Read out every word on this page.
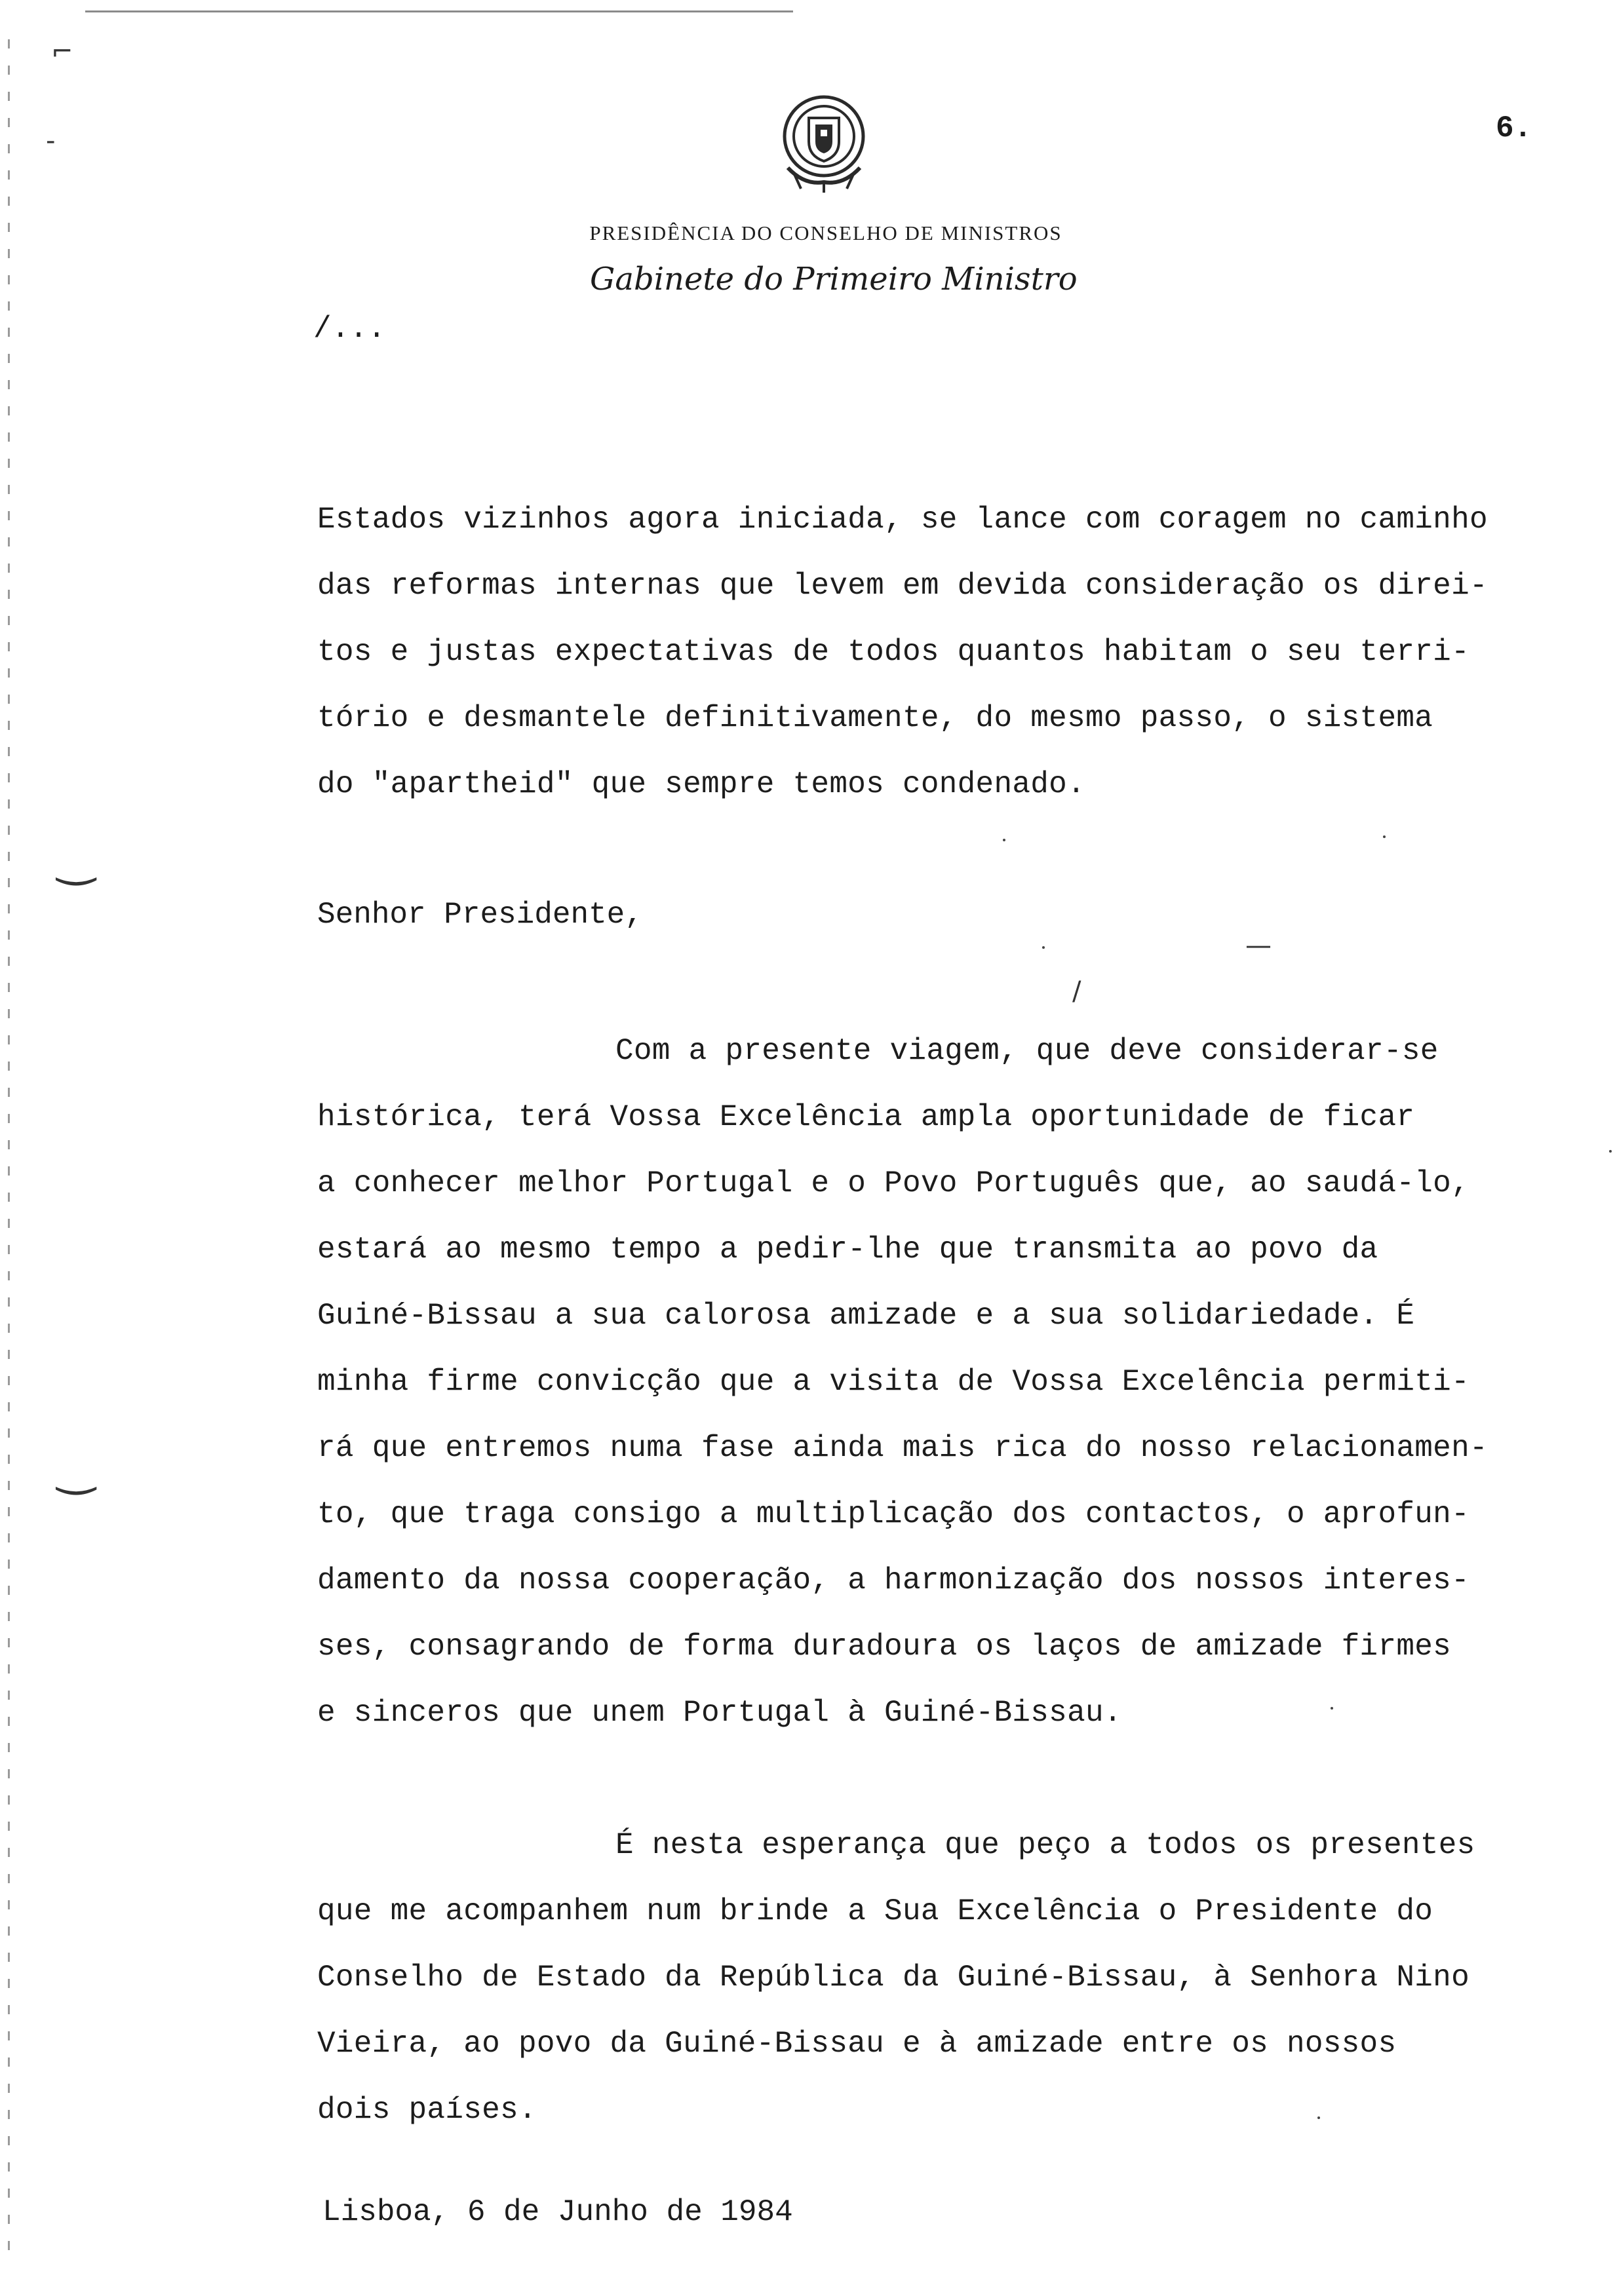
⌐
-
‿
‿
—
/
6.
PRESIDÊNCIA DO CONSELHO DE MINISTROS
Gabinete do Primeiro Ministro
/...
Estados vizinhos agora iniciada, se lance com coragem no caminho
das reformas internas que levem em devida consideração os direi-
tos e justas expectativas de todos quantos habitam o seu terri-
tório e desmantele definitivamente, do mesmo passo, o sistema
do "apartheid" que sempre temos condenado.
Senhor Presidente,
Com a presente viagem, que deve considerar-se
histórica, terá Vossa Excelência ampla oportunidade de ficar
a conhecer melhor Portugal e o Povo Português que, ao saudá-lo,
estará ao mesmo tempo a pedir-lhe que transmita ao povo da
Guiné-Bissau a sua calorosa amizade e a sua solidariedade. É
minha firme convicção que a visita de Vossa Excelência permiti-
rá que entremos numa fase ainda mais rica do nosso relacionamen-
to, que traga consigo a multiplicação dos contactos, o aprofun-
damento da nossa cooperação, a harmonização dos nossos interes-
ses, consagrando de forma duradoura os laços de amizade firmes
e sinceros que unem Portugal à Guiné-Bissau.
É nesta esperança que peço a todos os presentes
que me acompanhem num brinde a Sua Excelência o Presidente do
Conselho de Estado da República da Guiné-Bissau, à Senhora Nino
Vieira, ao povo da Guiné-Bissau e à amizade entre os nossos
dois países.
Lisboa, 6 de Junho de 1984
